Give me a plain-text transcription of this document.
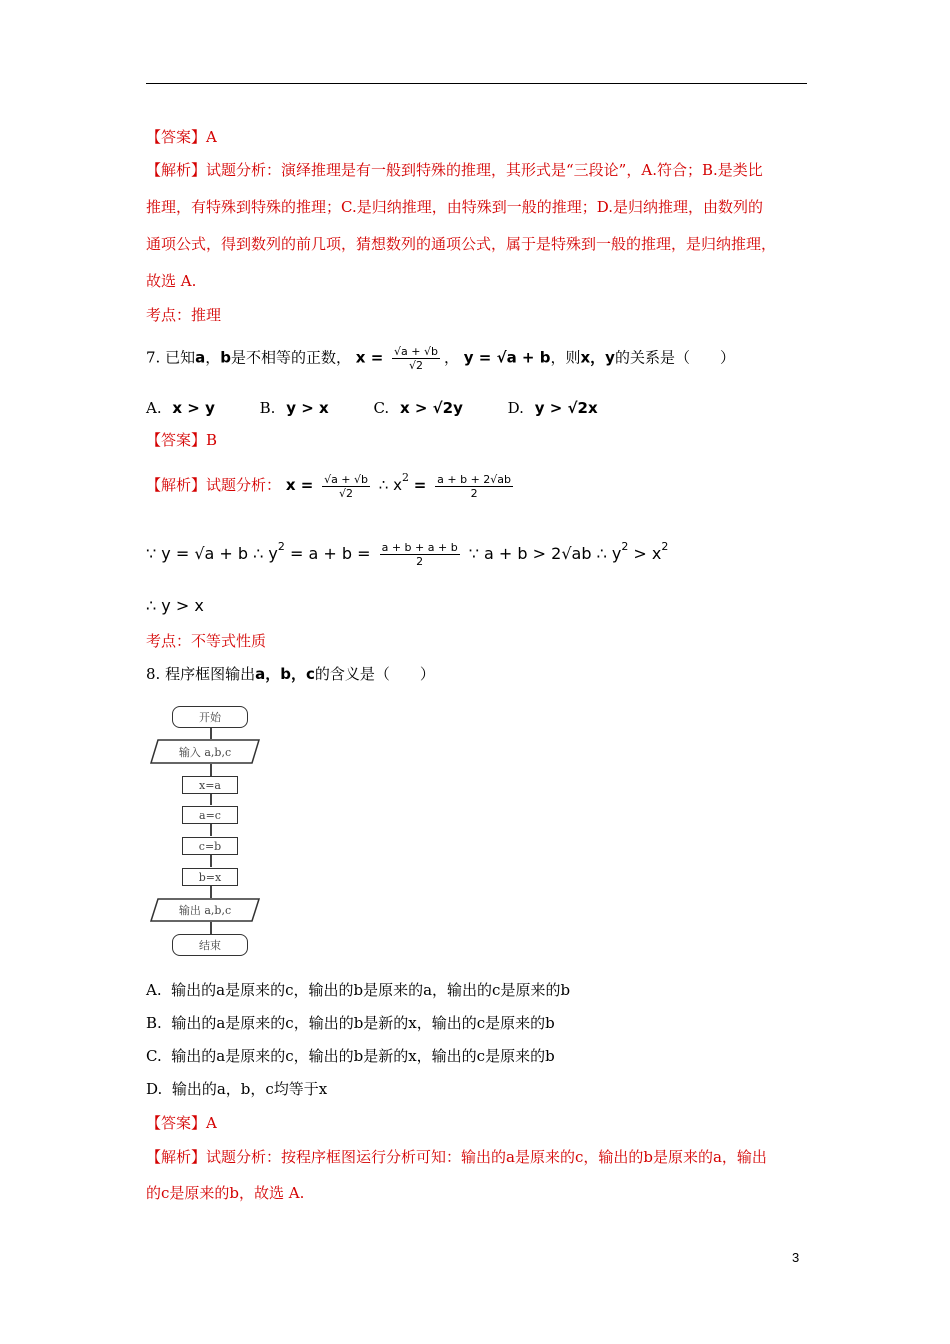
【答案】A
【解析】试题分析：演绎推理是有一般到特殊的推理，其形式是“三段论”，A.符合；B.是类比
推理，有特殊到特殊的推理；C.是归纳推理，由特殊到一般的推理；D.是归纳推理，由数列的
通项公式，得到数列的前几项，猜想数列的通项公式，属于是特殊到一般的推理，是归纳推理，
故选 A.
考点：推理
7. 已知a，b是不相等的正数， $x = \frac{√a + √b}{√2}$ ， y = √a + b，则x，y的关系是（　　）
A. x > y	B. y > x	C. x > √2y	D. y > √2x
【答案】B
【解析】试题分析： $x = \frac{√a + √b}{√2}$ ∴ $x^2 = \frac{a + b + 2√ab}{2}$
∵ y = √a + b ∴ $y^2 = a + b = \frac{a + b + a + b}{2}$ ∵ a + b > 2√ab ∴ $y^2 > x^2$
∴ y > x
考点：不等式性质
8. 程序框图输出a，b，c的含义是（　　）
开始
输入 a,b,c
x=a
a=c
c=b
b=x
输出 a,b,c
结束
A. 输出的a是原来的c，输出的b是原来的a，输出的c是原来的b
B. 输出的a是原来的c，输出的b是新的x，输出的c是原来的b
C. 输出的a是原来的c，输出的b是新的x，输出的c是原来的b
D. 输出的a，b，c均等于x
【答案】A
【解析】试题分析：按程序框图运行分析可知：输出的a是原来的c，输出的b是原来的a，输出
的c是原来的b，故选 A.
3
